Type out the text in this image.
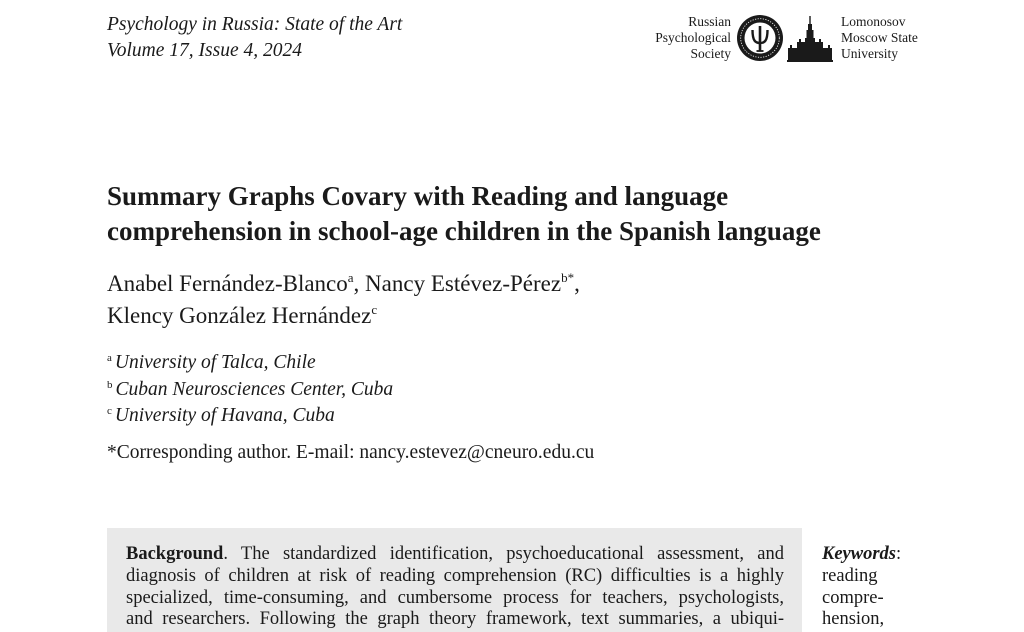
Psychology in Russia: State of the Art
Volume 17, Issue 4, 2024
Russian
Psychological
Society
Lomonosov
Moscow State
University
Summary Graphs Covary with Reading and language
comprehension in school-age children in the Spanish language
Anabel Fernández-Blanco$^a$, Nancy Estévez-Pérez$^{b*}$,
Klency González Hernández$^c$
$^a$ University of Talca, Chile
$^b$ Cuban Neurosciences Center, Cuba
$^c$ University of Havana, Cuba
*Corresponding author. E-mail: nancy.estevez@cneuro.edu.cu
Background. The standardized identification, psychoeducational assessment, and
diagnosis of children at risk of reading comprehension (RC) difficulties is a highly
specialized, time-consuming, and cumbersome process for teachers, psychologists,
and researchers. Following the graph theory framework, text summaries, a ubiqui-
Keywords:
reading
compre-
hension,
